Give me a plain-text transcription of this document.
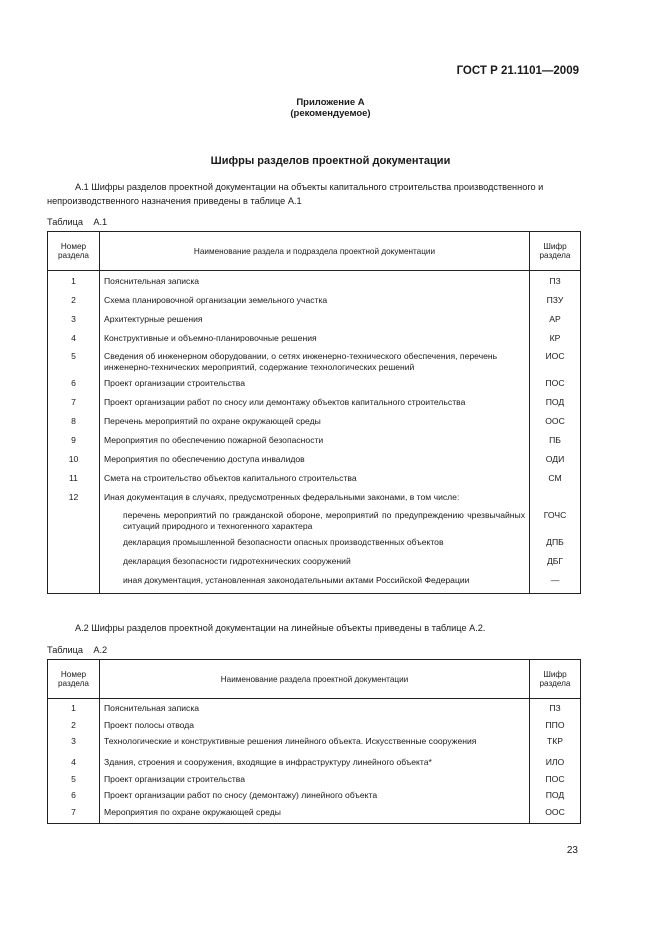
ГОСТ Р 21.1101—2009
Приложение А
(рекомендуемое)
Шифры разделов проектной документации
А.1 Шифры разделов проектной документации на объекты капитального строительства производственного и непроизводственного назначения приведены в таблице А.1
Таблица А.1
Номер раздела	Наименование раздела и подраздела проектной документации	Шифр раздела

1	Пояснительная записка	ПЗ
2	Схема планировочной организации земельного участка	ПЗУ
3	Архитектурные решения	АР
4	Конструктивные и объемно-планировочные решения	КР
5	Сведения об инженерном оборудовании, о сетях инженерно-технического обеспечения, перечень инженерно-технических мероприятий, содержание технологических решений	ИОС
6	Проект организации строительства	ПОС
7	Проект организации работ по сносу или демонтажу объектов капитального строительства	ПОД
8	Перечень мероприятий по охране окружающей среды	ООС
9	Мероприятия по обеспечению пожарной безопасности	ПБ
10	Мероприятия по обеспечению доступа инвалидов	ОДИ
11	Смета на строительство объектов капитального строительства	СМ
12	Иная документация в случаях, предусмотренных федеральными законами, в том числе:	
	перечень мероприятий по гражданской обороне, мероприятий по предупреждению чрезвычайных ситуаций природного и техногенного характера	ГОЧС
	декларация промышленной безопасности опасных производственных объектов	ДПБ
	декларация безопасности гидротехнических сооружений	ДБГ
	иная документация, установленная законодательными актами Российской Федерации	—
А.2 Шифры разделов проектной документации на линейные объекты приведены в таблице А.2.
Таблица А.2
Номер раздела	Наименование раздела проектной документации	Шифр раздела

1	Пояснительная записка	ПЗ
2	Проект полосы отвода	ППО
3	Технологические и конструктивные решения линейного объекта. Искусственные сооружения	ТКР
4	Здания, строения и сооружения, входящие в инфраструктуру линейного объекта*	ИЛО
5	Проект организации строительства	ПОС
6	Проект организации работ по сносу (демонтажу) линейного объекта	ПОД
7	Мероприятия по охране окружающей среды	ООС
23
